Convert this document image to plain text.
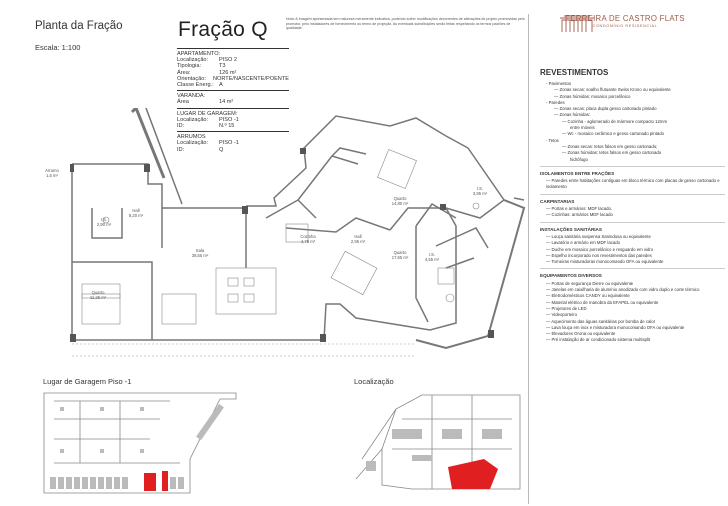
Planta da Fração
Escala: 1:100
Fração Q	Nota: A Imagem apresentada tem natureza meramente indicativa, podendo sofrer modificações decorrentes de alterações de projeto promovidas pelo promotor, pelo instaladores de fornecimento ou termo de projeção. As eventuais substituições serão feitas respeitando os termos padrões de qualidade.
APARTAMENTO:
Localização:	PISO 2
Tipologia:	T3
Área:	126 m²
Orientação:	NORTE/NASCENTE/POENTE
Classe Energ.: A
VARANDA:
Área	14 m²
LUGAR DE GARAGEM:
Localização:	PISO -1
ID:	N.º 15
ARRUMOS
Localização:	PISO -1
ID:	Q
Arrumo
1,5 m²
I.S.
2,90 m²
Hall
8,20 m²
Sala
38,55 m²
Quarto
11,25 m²
Cozinha
4,75 m²
Hall
2,95 m²
Quarto
14,80 m²
I.S.
3,95 m²
I.S.
4,55 m²
Quarto
17,65 m²
Lugar de Garagem Piso -1	Localização
FERREIRA DE CASTRO FLATS
CONDOMÍNIO RESIDENCIAL
REVESTIMENTOS
- Pavimentos
— Zonas secas: soalho flutuante Swiss Krono ou equivalente
— Zonas húmidas: mosaico porcelânico
- Paredes
— Zonas secas: placa dupla gesso cartonado pintado
— Zonas húmidas:
— Cozinha - aglomerado de mármore compacto 12mm
entre móveis
— Wc - mosaico cerâmico e gesso cartonado pintado
- Tetos
— Zonas secas: tetos falsos em gesso cartonado;
— Zonas húmidas: tetos falsos em gesso cartonado
hidrófugo
ISOLAMENTOS ENTRE FRAÇÕES
— Paredes entre habitações contíguas em bloco térmico com placas de gesso cartonado e isolamento
CARPINTARIAS
— Portas e armários: MDF lacado.
— Cozinhas: armários MDF lacado
INSTALAÇÕES SANITÁRIAS
— Louça sanitária suspensa Sanindusa ou equivalente
— Lavatório e armário em MDF lacado
— Duche em mosaico porcelânico e resguardo em vidro
— Espelho incorporado nos revestimentos das paredes
— Torneiras misturadoras monocomando OFA ou equivalente
EQUIPAMENTOS DIVERSOS
— Portas de segurança Dierre ou equivalente
— Janelas em caixilharia de alumínio anodizado com vidro duplo e corte térmico
— Eletrodomésticos CANDY ou equivalente
— Material elétrico de manobra da EFAPEL ou equivalente
— Projetores de LED
— Videoporteiro
— Aquecimento das águas sanitárias por bomba de calor
— Lava louça em inox e misturadora monocomando OFA ou equivalente
— Elevadores Orona ou equivalente
— Pré instalação de ar condicionado sistema multisplit
